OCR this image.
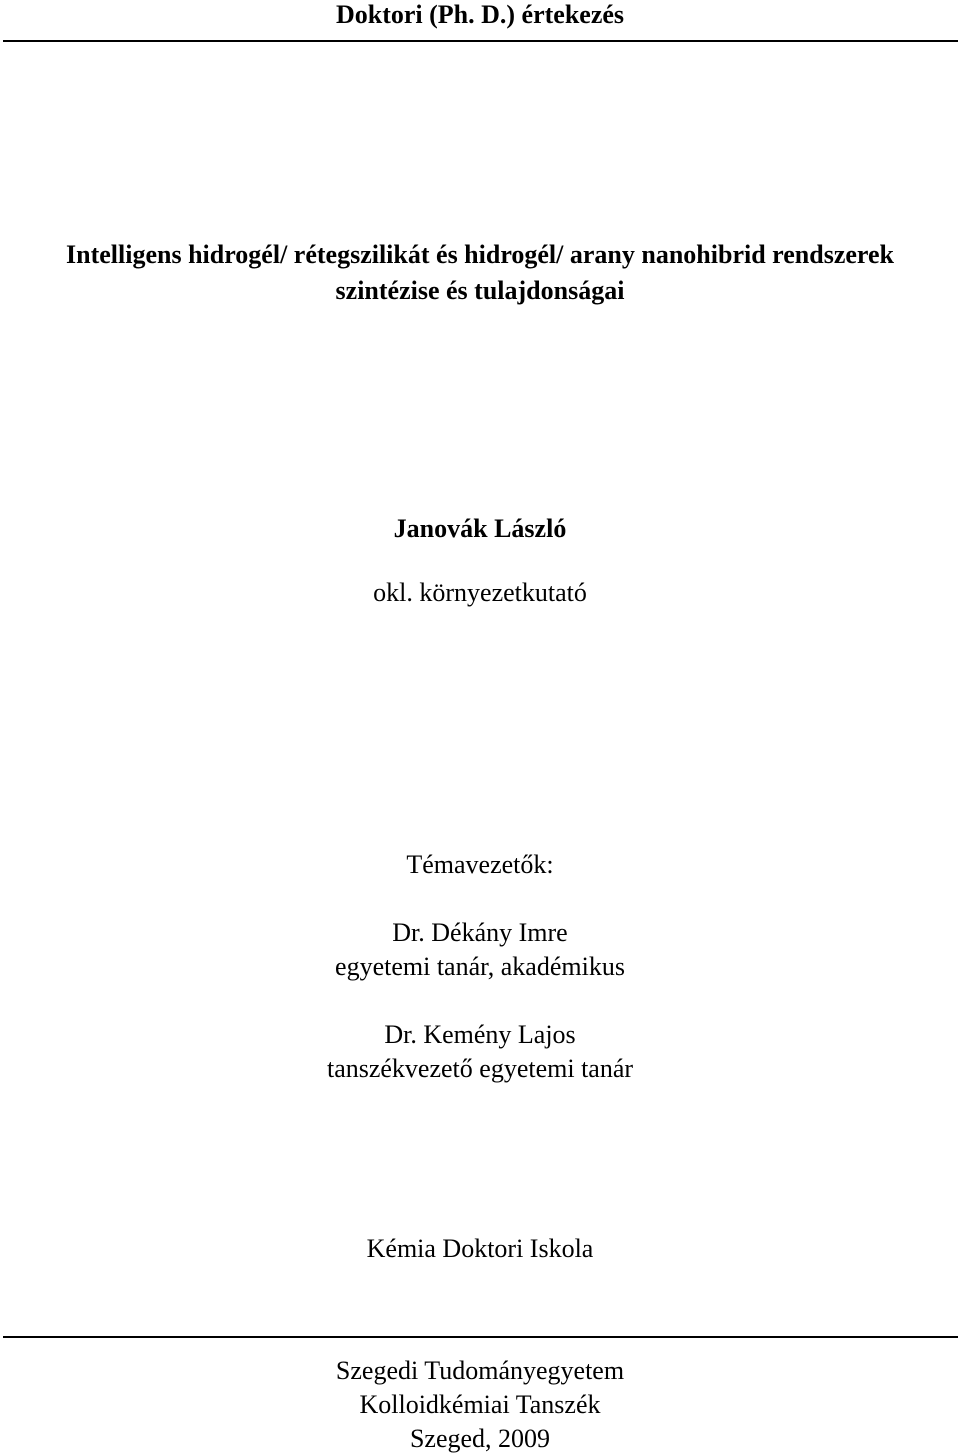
Doktori (Ph. D.) értekezés
Intelligens hidrogél/ rétegszilikát és hidrogél/ arany nanohibrid rendszerek
szintézise és tulajdonságai
Janovák László
okl. környezetkutató
Témavezetők:
Dr. Dékány Imre
egyetemi tanár, akadémikus
Dr. Kemény Lajos
tanszékvezető egyetemi tanár
Kémia Doktori Iskola
Szegedi Tudományegyetem
Kolloidkémiai Tanszék
Szeged, 2009
